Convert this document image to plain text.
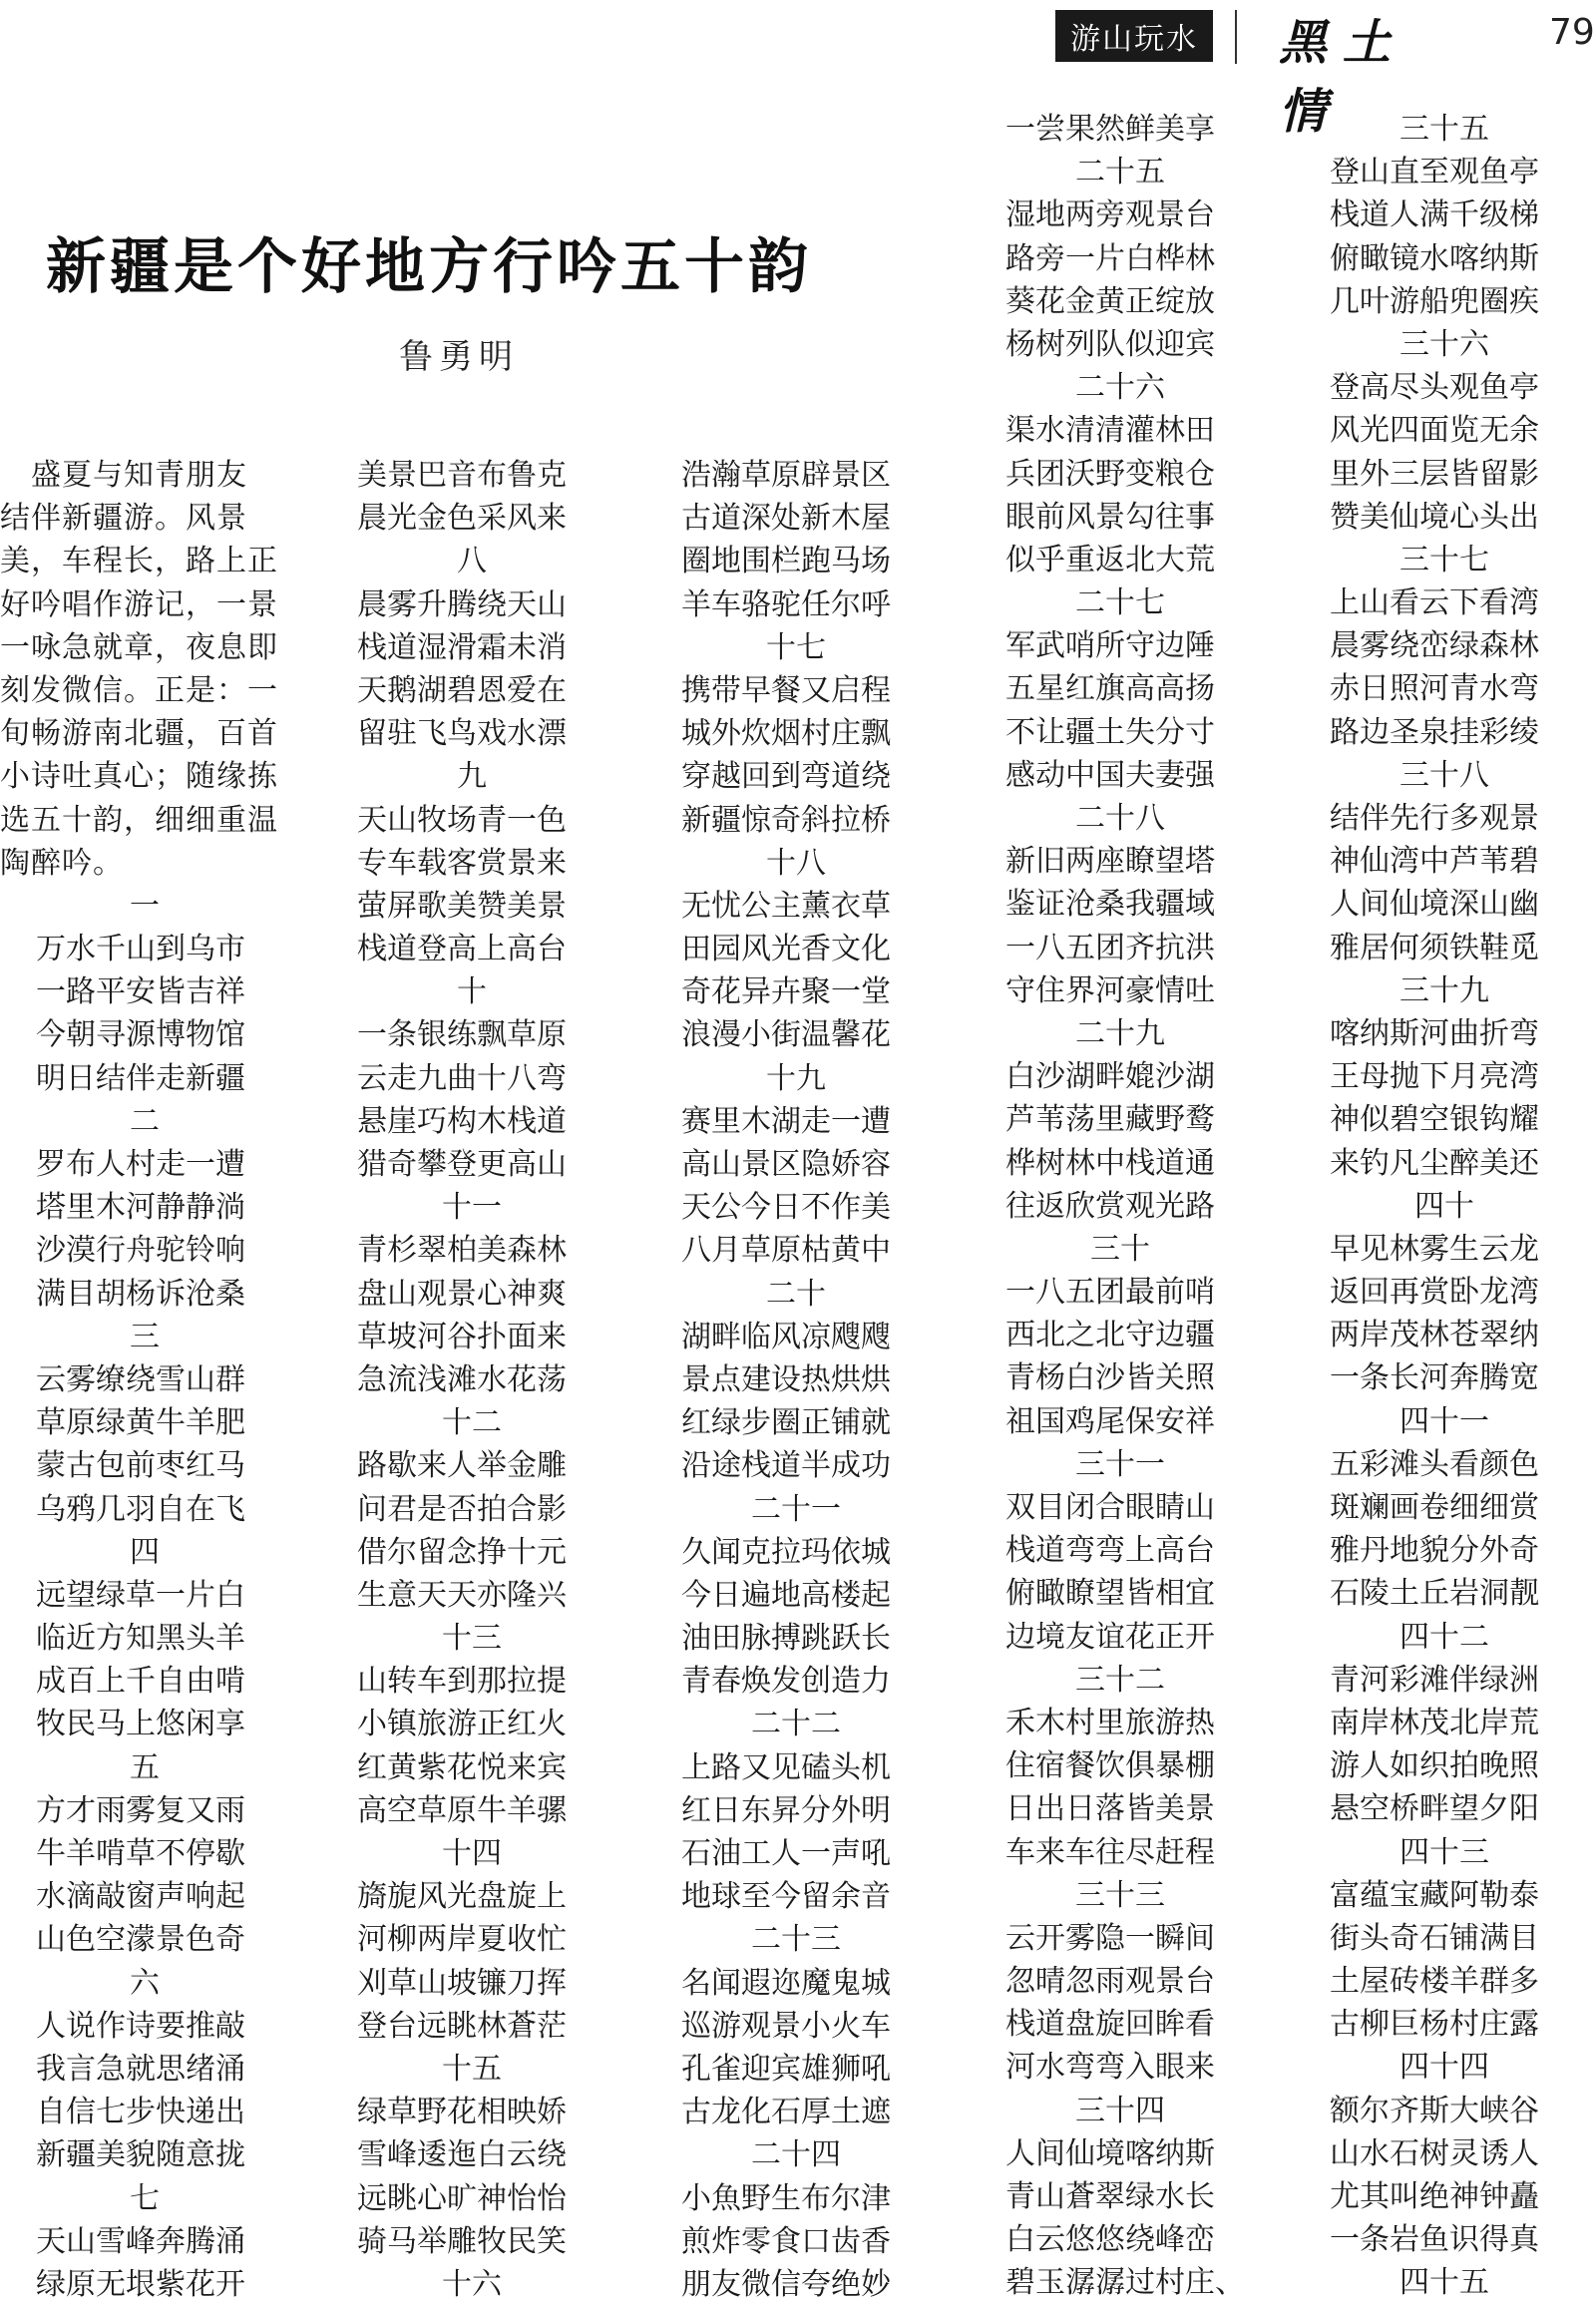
游山玩水	黑土情
79
新疆是个好地方行吟五十韵
鲁勇明
　盛夏与知青朋友
结伴新疆游。风景
美，车程长，路上正
好吟唱作游记，一景
一咏急就章，夜息即
刻发微信。正是：一
旬畅游南北疆，百首
小诗吐真心；随缘拣
选五十韵，细细重温
陶醉吟。
一
万水千山到乌市
一路平安皆吉祥
今朝寻源博物馆
明日结伴走新疆
二
罗布人村走一遭
塔里木河静静淌
沙漠行舟驼铃响
满目胡杨诉沧桑
三
云雾缭绕雪山群
草原绿黄牛羊肥
蒙古包前枣红马
乌鸦几羽自在飞
四
远望绿草一片白
临近方知黑头羊
成百上千自由啃
牧民马上悠闲享
五
方才雨雾复又雨
牛羊啃草不停歇
水滴敲窗声响起
山色空濛景色奇
六
人说作诗要推敲
我言急就思绪涌
自信七步快递出
新疆美貌随意拢
七
天山雪峰奔腾涌
绿原无垠紫花开
美景巴音布鲁克
晨光金色采风来
八
晨雾升腾绕天山
栈道湿滑霜未消
天鹅湖碧恩爱在
留驻飞鸟戏水漂
九
天山牧场青一色
专车载客赏景来
萤屏歌美赞美景
栈道登高上高台
十
一条银练飘草原
云走九曲十八弯
悬崖巧构木栈道
猎奇攀登更高山
十一
青杉翠柏美森林
盘山观景心神爽
草坡河谷扑面来
急流浅滩水花荡
十二
路歇来人举金雕
问君是否拍合影
借尔留念挣十元
生意天天亦隆兴
十三
山转车到那拉提
小镇旅游正红火
红黄紫花悦来宾
高空草原牛羊骡
十四
旖旎风光盘旋上
河柳两岸夏收忙
刈草山坡镰刀挥
登台远眺林蒼茫
十五
绿草野花相映娇
雪峰逶迤白云绕
远眺心旷神怡怡
骑马举雕牧民笑
十六
浩瀚草原辟景区
古道深处新木屋
圈地围栏跑马场
羊车骆驼任尔呼
十七
携带早餐又启程
城外炊烟村庄飘
穿越回到弯道绕
新疆惊奇斜拉桥
十八
无忧公主薰衣草
田园风光香文化
奇花异卉聚一堂
浪漫小街温馨花
十九
赛里木湖走一遭
高山景区隐娇容
天公今日不作美
八月草原枯黄中
二十
湖畔临风凉飕飕
景点建设热烘烘
红绿步圈正铺就
沿途栈道半成功
二十一
久闻克拉玛依城
今日遍地高楼起
油田脉搏跳跃长
青春焕发创造力
二十二
上路又见磕头机
红日东昇分外明
石油工人一声吼
地球至今留余音
二十三
名闻遐迩魔鬼城
巡游观景小火车
孔雀迎宾雄狮吼
古龙化石厚土遮
二十四
小魚野生布尔津
煎炸零食口齿香
朋友微信夸绝妙
一尝果然鲜美享
二十五
湿地两旁观景台
路旁一片白桦林
葵花金黄正绽放
杨树列队似迎宾
二十六
渠水清清灌林田
兵团沃野变粮仓
眼前风景勾往事
似乎重返北大荒
二十七
军武哨所守边陲
五星红旗高高扬
不让疆土失分寸
感动中国夫妻强
二十八
新旧两座瞭望塔
鉴证沧桑我疆域
一八五团齐抗洪
守住界河豪情吐
二十九
白沙湖畔媲沙湖
芦苇荡里藏野鹜
桦树林中栈道通
往返欣赏观光路
三十
一八五团最前哨
西北之北守边疆
青杨白沙皆关照
祖国鸡尾保安祥
三十一
双目闭合眼睛山
栈道弯弯上高台
俯瞰瞭望皆相宜
边境友谊花正开
三十二
禾木村里旅游热
住宿餐饮俱暴棚
日出日落皆美景
车来车往尽赶程
三十三
云开雾隐一瞬间
忽晴忽雨观景台
栈道盘旋回眸看
河水弯弯入眼来
三十四
人间仙境喀纳斯
青山蒼翠绿水长
白云悠悠绕峰峦
碧玉潺潺过村庄、
三十五
登山直至观鱼亭
栈道人满千级梯
俯瞰镜水喀纳斯
几叶游船兜圈疾
三十六
登高尽头观鱼亭
风光四面览无余
里外三层皆留影
赞美仙境心头出
三十七
上山看云下看湾
晨雾绕峦绿森林
赤日照河青水弯
路边圣泉挂彩绫
三十八
结伴先行多观景
神仙湾中芦苇碧
人间仙境深山幽
雅居何须铁鞋觅
三十九
喀纳斯河曲折弯
王母抛下月亮湾
神似碧空银钩耀
来钓凡尘醉美还
四十
早见林雾生云龙
返回再赏卧龙湾
两岸茂林苍翠纳
一条长河奔腾宽
四十一
五彩滩头看颜色
斑斓画卷细细赏
雅丹地貌分外奇
石陵土丘岩洞靓
四十二
青河彩滩伴绿洲
南岸林茂北岸荒
游人如织拍晚照
悬空桥畔望夕阳
四十三
富蕴宝藏阿勒泰
街头奇石铺满目
土屋砖楼羊群多
古柳巨杨村庄露
四十四
额尔齐斯大峡谷
山水石树灵诱人
尤其叫绝神钟矗
一条岩鱼识得真
四十五
